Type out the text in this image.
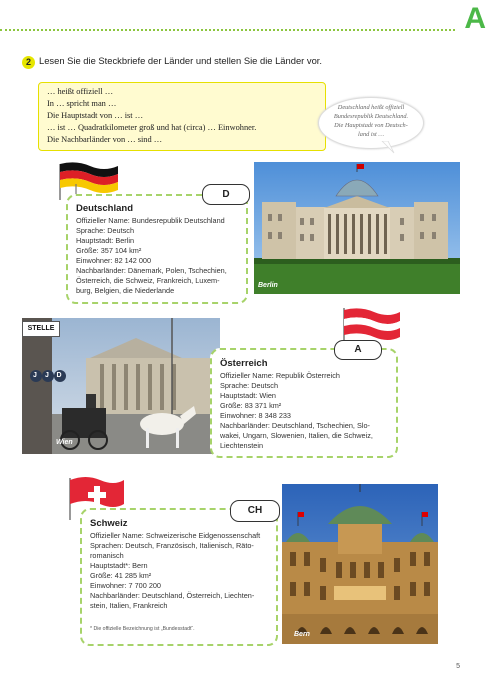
A
2 Lesen Sie die Steckbriefe der Länder und stellen Sie die Länder vor.
… heißt offiziell …
In … spricht man …
Die Hauptstadt von … ist …
… ist … Quadratkilometer groß und hat (circa) … Einwohner.
Die Nachbarländer von … sind …
Deutschland heißt offiziell
Bundesrepublik Deutschland.
Die Hauptstadt von Deutsch-
land ist …
Deutschland
Offizieller Name: Bundesrepublik Deutschland
Sprache: Deutsch
Hauptstadt: Berlin
Größe: 357 104 km²
Einwohner: 82 142 000
Nachbarländer: Dänemark, Polen, Tschechien,
Österreich, die Schweiz, Frankreich, Luxem-
burg, Belgien, die Niederlande
D
Berlin
STELLE
J	J	D
Wien
Österreich
Offizieller Name: Republik Österreich
Sprache: Deutsch
Hauptstadt: Wien
Größe: 83 371 km²
Einwohner: 8 348 233
Nachbarländer: Deutschland, Tschechien, Slo-
wakei, Ungarn, Slowenien, Italien, die Schweiz,
Liechtenstein
A
Schweiz
Offizieller Name: Schweizerische Eidgenossenschaft
Sprachen: Deutsch, Französisch, Italienisch, Räto-
romanisch
Hauptstadt*: Bern
Größe: 41 285 km²
Einwohner: 7 700 200
Nachbarländer: Deutschland, Österreich, Liechten-
stein, Italien, Frankreich
* Die offizielle Bezeichnung ist „Bundesstadt“.
CH
Bern
5
